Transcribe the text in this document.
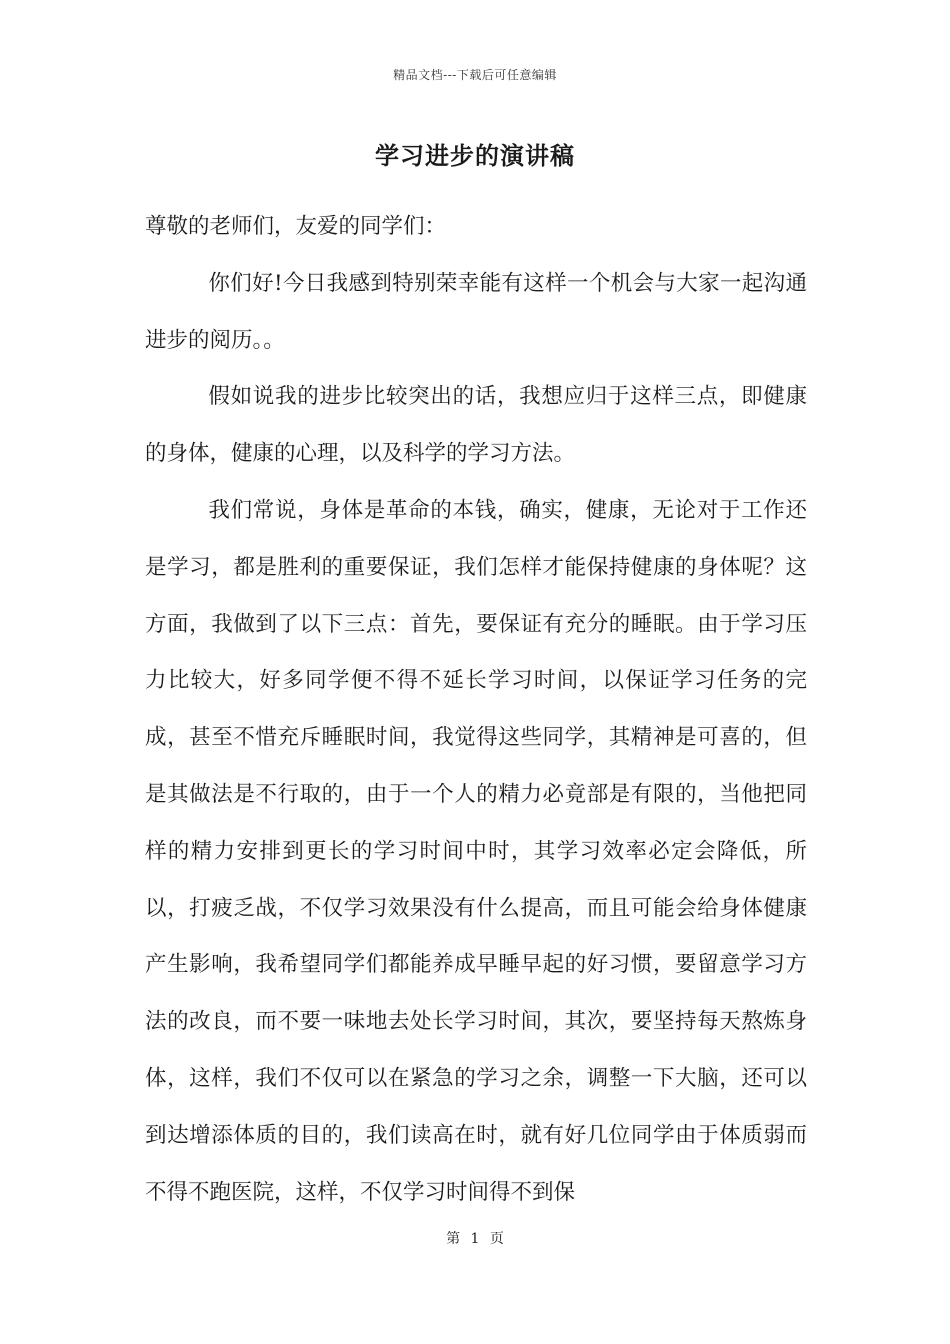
精品文档---下载后可任意编辑
学习进步的演讲稿

尊敬的老师们，友爱的同学们：

你们好!今日我感到特别荣幸能有这样一个机会与大家一起沟通进步的阅历。。

假如说我的进步比较突出的话，我想应归于这样三点，即健康的身体，健康的心理，以及科学的学习方法。

我们常说，身体是革命的本钱，确实，健康，无论对于工作还是学习，都是胜利的重要保证，我们怎样才能保持健康的身体呢？这方面，我做到了以下三点：首先，要保证有充分的睡眠。由于学习压力比较大，好多同学便不得不延长学习时间，以保证学习任务的完成，甚至不惜充斥睡眠时间，我觉得这些同学，其精神是可喜的，但是其做法是不行取的，由于一个人的精力必竟部是有限的，当他把同样的精力安排到更长的学习时间中时，其学习效率必定会降低，所以，打疲乏战，不仅学习效果没有什么提高，而且可能会给身体健康产生影响，我希望同学们都能养成早睡早起的好习惯，要留意学习方法的改良，而不要一味地去处长学习时间，其次，要坚持每天熬炼身体，这样，我们不仅可以在紧急的学习之余，调整一下大脑，还可以到达增添体质的目的，我们读高在时，就有好几位同学由于体质弱而不得不跑医院，这样，不仅学习时间得不到保

第 1 页
